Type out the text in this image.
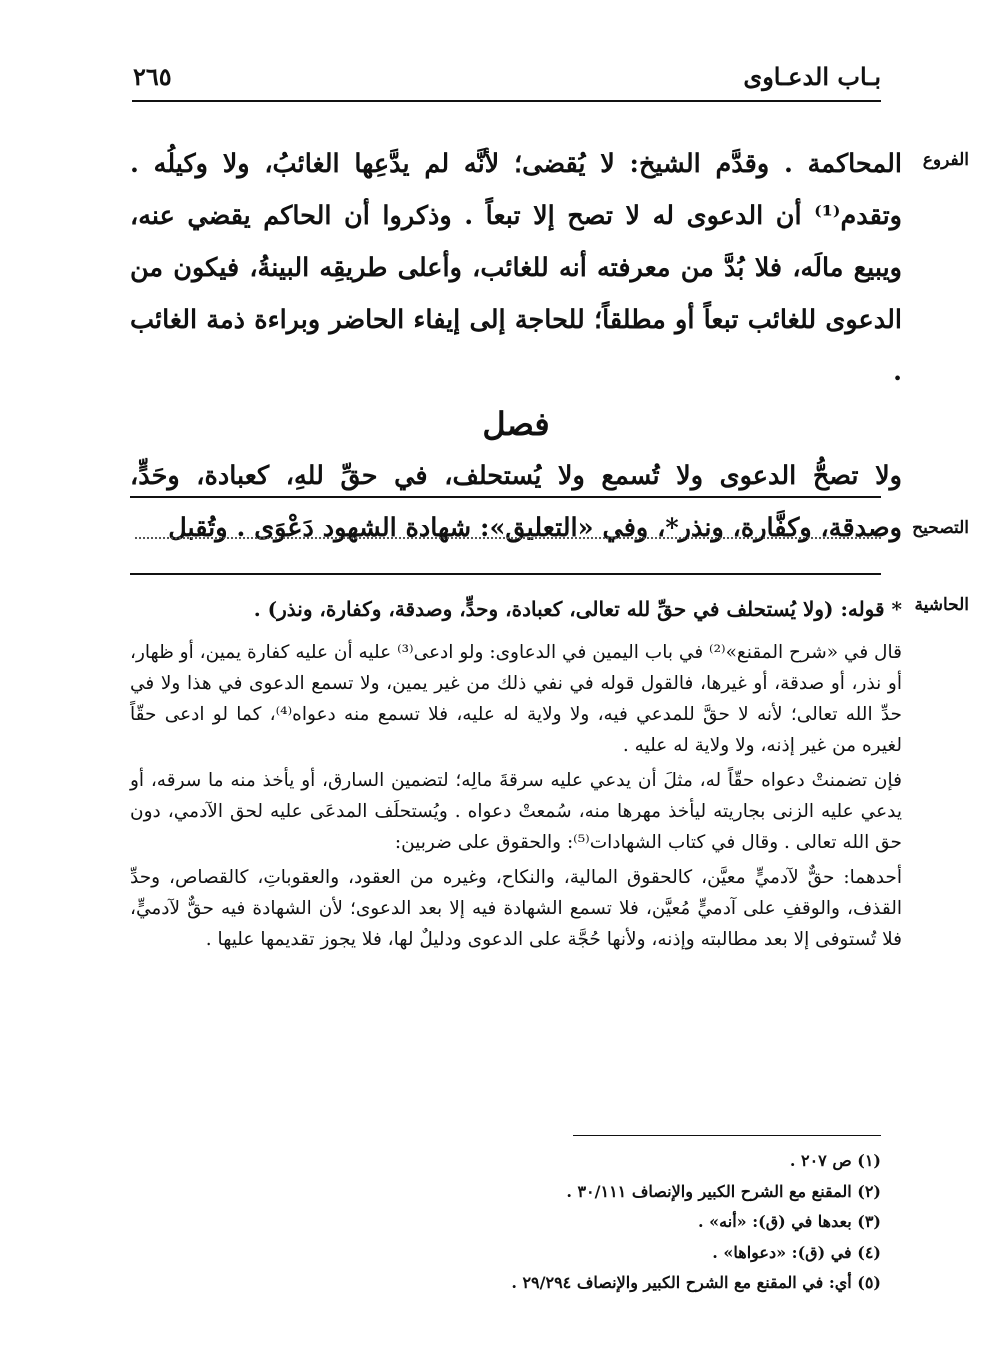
٢٦٥	بـاب الدعـاوى
الفروع
التصحيح
الحاشية

المحاكمة . وقدَّم الشيخ: لا يُقضى؛ لأنَّه لم يدَّعِها الغائبُ، ولا وكيلُه . وتقدم⁽¹⁾ أن الدعوى له لا تصح إلا تبعاً . وذكروا أن الحاكم يقضي عنه، ويبيع مالَه، فلا بُدَّ من معرفته أنه للغائب، وأعلى طريقِه البينةُ، فيكون من الدعوى للغائب تبعاً أو مطلقاً؛ للحاجة إلى إيفاء الحاضر وبراءة ذمة الغائب .

فصل

ولا تصحُّ الدعوى ولا تُسمع ولا يُستحلف، في حقِّ للهِ، كعبادة، وحَدٍّ، وصدقة، وكفَّارة، ونذر*، وفي «التعليق»: شهادة الشهود دَعْوَى . وتُقبل

* قوله: (ولا يُستحلف في حقِّ لله تعالى، كعبادة، وحدٍّ، وصدقة، وكفارة، ونذر) .

قال في «شرح المقنع»⁽²⁾ في باب اليمين في الدعاوى: ولو ادعى⁽³⁾ عليه أن عليه كفارة يمين، أو ظهار، أو نذر، أو صدقة، أو غيرها، فالقول قوله في نفي ذلك من غير يمين، ولا تسمع الدعوى في هذا ولا في حدِّ الله تعالى؛ لأنه لا حقَّ للمدعي فيه، ولا ولاية له عليه، فلا تسمع منه دعواه⁽⁴⁾، كما لو ادعى حقّاً لغيره من غير إذنه، ولا ولاية له عليه .

فإن تضمنتْ دعواه حقّاً له، مثلَ أن يدعي عليه سرقةَ مالِه؛ لتضمين السارق، أو يأخذ منه ما سرقه، أو يدعي عليه الزنى بجاريته ليأخذ مهرها منه، سُمعتْ دعواه . ويُستحلَف المدعَى عليه لحق الآدمي، دون حق الله تعالى . وقال في كتاب الشهادات⁽⁵⁾: والحقوق على ضربين:

أحدهما: حقٌّ لآدميٍّ معيَّن، كالحقوق المالية، والنكاح، وغيره من العقود، والعقوباتِ، كالقصاص، وحدِّ القذف، والوقفِ على آدميٍّ مُعيَّن، فلا تسمع الشهادة فيه إلا بعد الدعوى؛ لأن الشهادة فيه حقٌّ لآدميٍّ، فلا تُستوفى إلا بعد مطالبته وإذنه، ولأنها حُجَّة على الدعوى ودليلٌ لها، فلا يجوز تقديمها عليها .

(١) ص ٢٠٧ .
(٢) المقنع مع الشرح الكبير والإنصاف ٣٠/١١١ .
(٣) بعدها في (ق): «أنه» .
(٤) في (ق): «دعواها» .
(٥) أي: في المقنع مع الشرح الكبير والإنصاف ٢٩/٢٩٤ .
